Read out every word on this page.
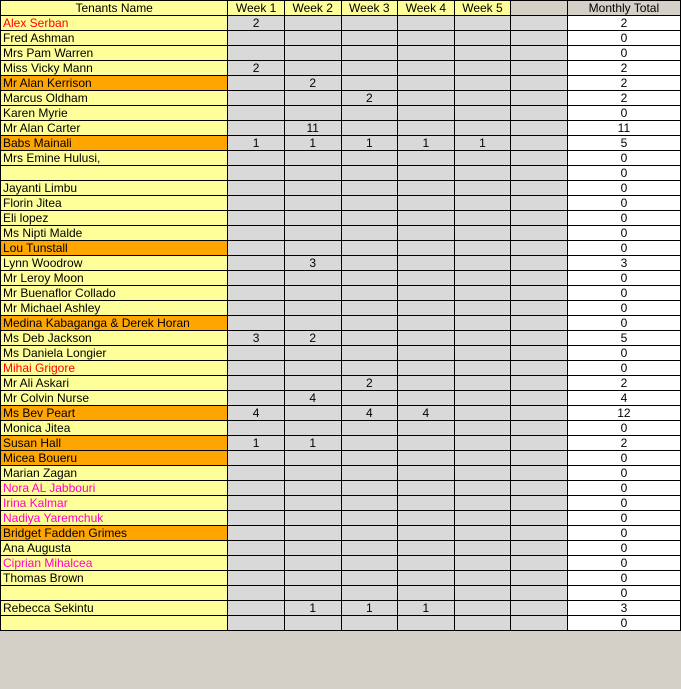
Tenants Name	Week 1	Week 2	Week 3	Week 4	Week 5		Monthly Total
Alex Serban	2						2
Fred Ashman							0
Mrs Pam Warren							0
Miss Vicky Mann	2						2
Mr Alan Kerrison		2					2
Marcus Oldham			2				2
Karen Myrie							0
Mr Alan Carter		11					11
Babs Mainali	1	1	1	1	1		5
Mrs Emine Hulusi,							0
							0
Jayanti Limbu							0
Florin Jitea							0
Eli lopez							0
Ms Nipti Malde							0
Lou Tunstall							0
Lynn Woodrow		3					3
Mr Leroy Moon							0
Mr Buenaflor Collado							0
Mr Michael Ashley							0
Medina Kabaganga & Derek Horan							0
Ms Deb Jackson	3	2					5
Ms Daniela Longier							0
Mihai Grigore							0
Mr Ali Askari			2				2
Mr Colvin Nurse		4					4
Ms Bev Peart	4		4	4			12
Monica Jitea							0
Susan Hall	1	1					2
Micea Boueru							0
Marian Zagan							0
Nora AL Jabbouri							0
Irina Kalmar							0
Nadiya Yaremchuk							0
Bridget Fadden Grimes							0
Ana Augusta							0
Ciprian Mihalcea							0
Thomas Brown							0
							0
Rebecca Sekintu		1	1	1			3
							0
